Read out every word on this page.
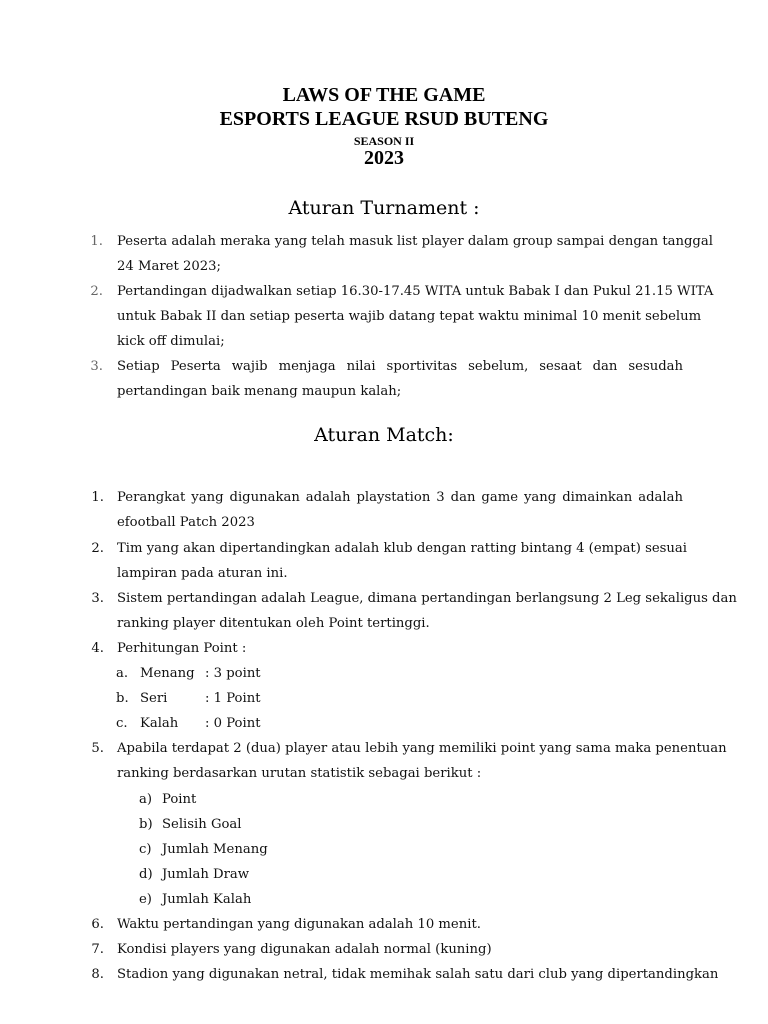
LAWS OF THE GAME
ESPORTS LEAGUE RSUD BUTENG
SEASON II
2023
Aturan Turnament :
1. Peserta adalah meraka yang telah masuk list player dalam group sampai dengan tanggal
24 Maret 2023;
2. Pertandingan dijadwalkan setiap 16.30-17.45 WITA untuk Babak I dan Pukul 21.15 WITA
untuk Babak II dan setiap peserta wajib datang tepat waktu minimal 10 menit sebelum
kick off dimulai;
3. Setiap Peserta wajib menjaga nilai sportivitas sebelum, sesaat dan sesudah
pertandingan baik menang maupun kalah;
Aturan Match:
1. Perangkat yang digunakan adalah playstation 3 dan game yang dimainkan adalah
efootball Patch 2023
2. Tim yang akan dipertandingkan adalah klub dengan ratting bintang 4 (empat) sesuai
lampiran pada aturan ini.
3. Sistem pertandingan adalah League, dimana pertandingan berlangsung 2 Leg sekaligus dan
ranking player ditentukan oleh Point tertinggi.
4. Perhitungan Point :
a. Menang : 3 point
b. Seri	: 1 Point
c. Kalah : 0 Point
5. Apabila terdapat 2 (dua) player atau lebih yang memiliki point yang sama maka penentuan
ranking berdasarkan urutan statistik sebagai berikut :
a) Point
b) Selisih Goal
c) Jumlah Menang
d) Jumlah Draw
e) Jumlah Kalah
6. Waktu pertandingan yang digunakan adalah 10 menit.
7. Kondisi players yang digunakan adalah normal (kuning)
8. Stadion yang digunakan netral, tidak memihak salah satu dari club yang dipertandingkan
